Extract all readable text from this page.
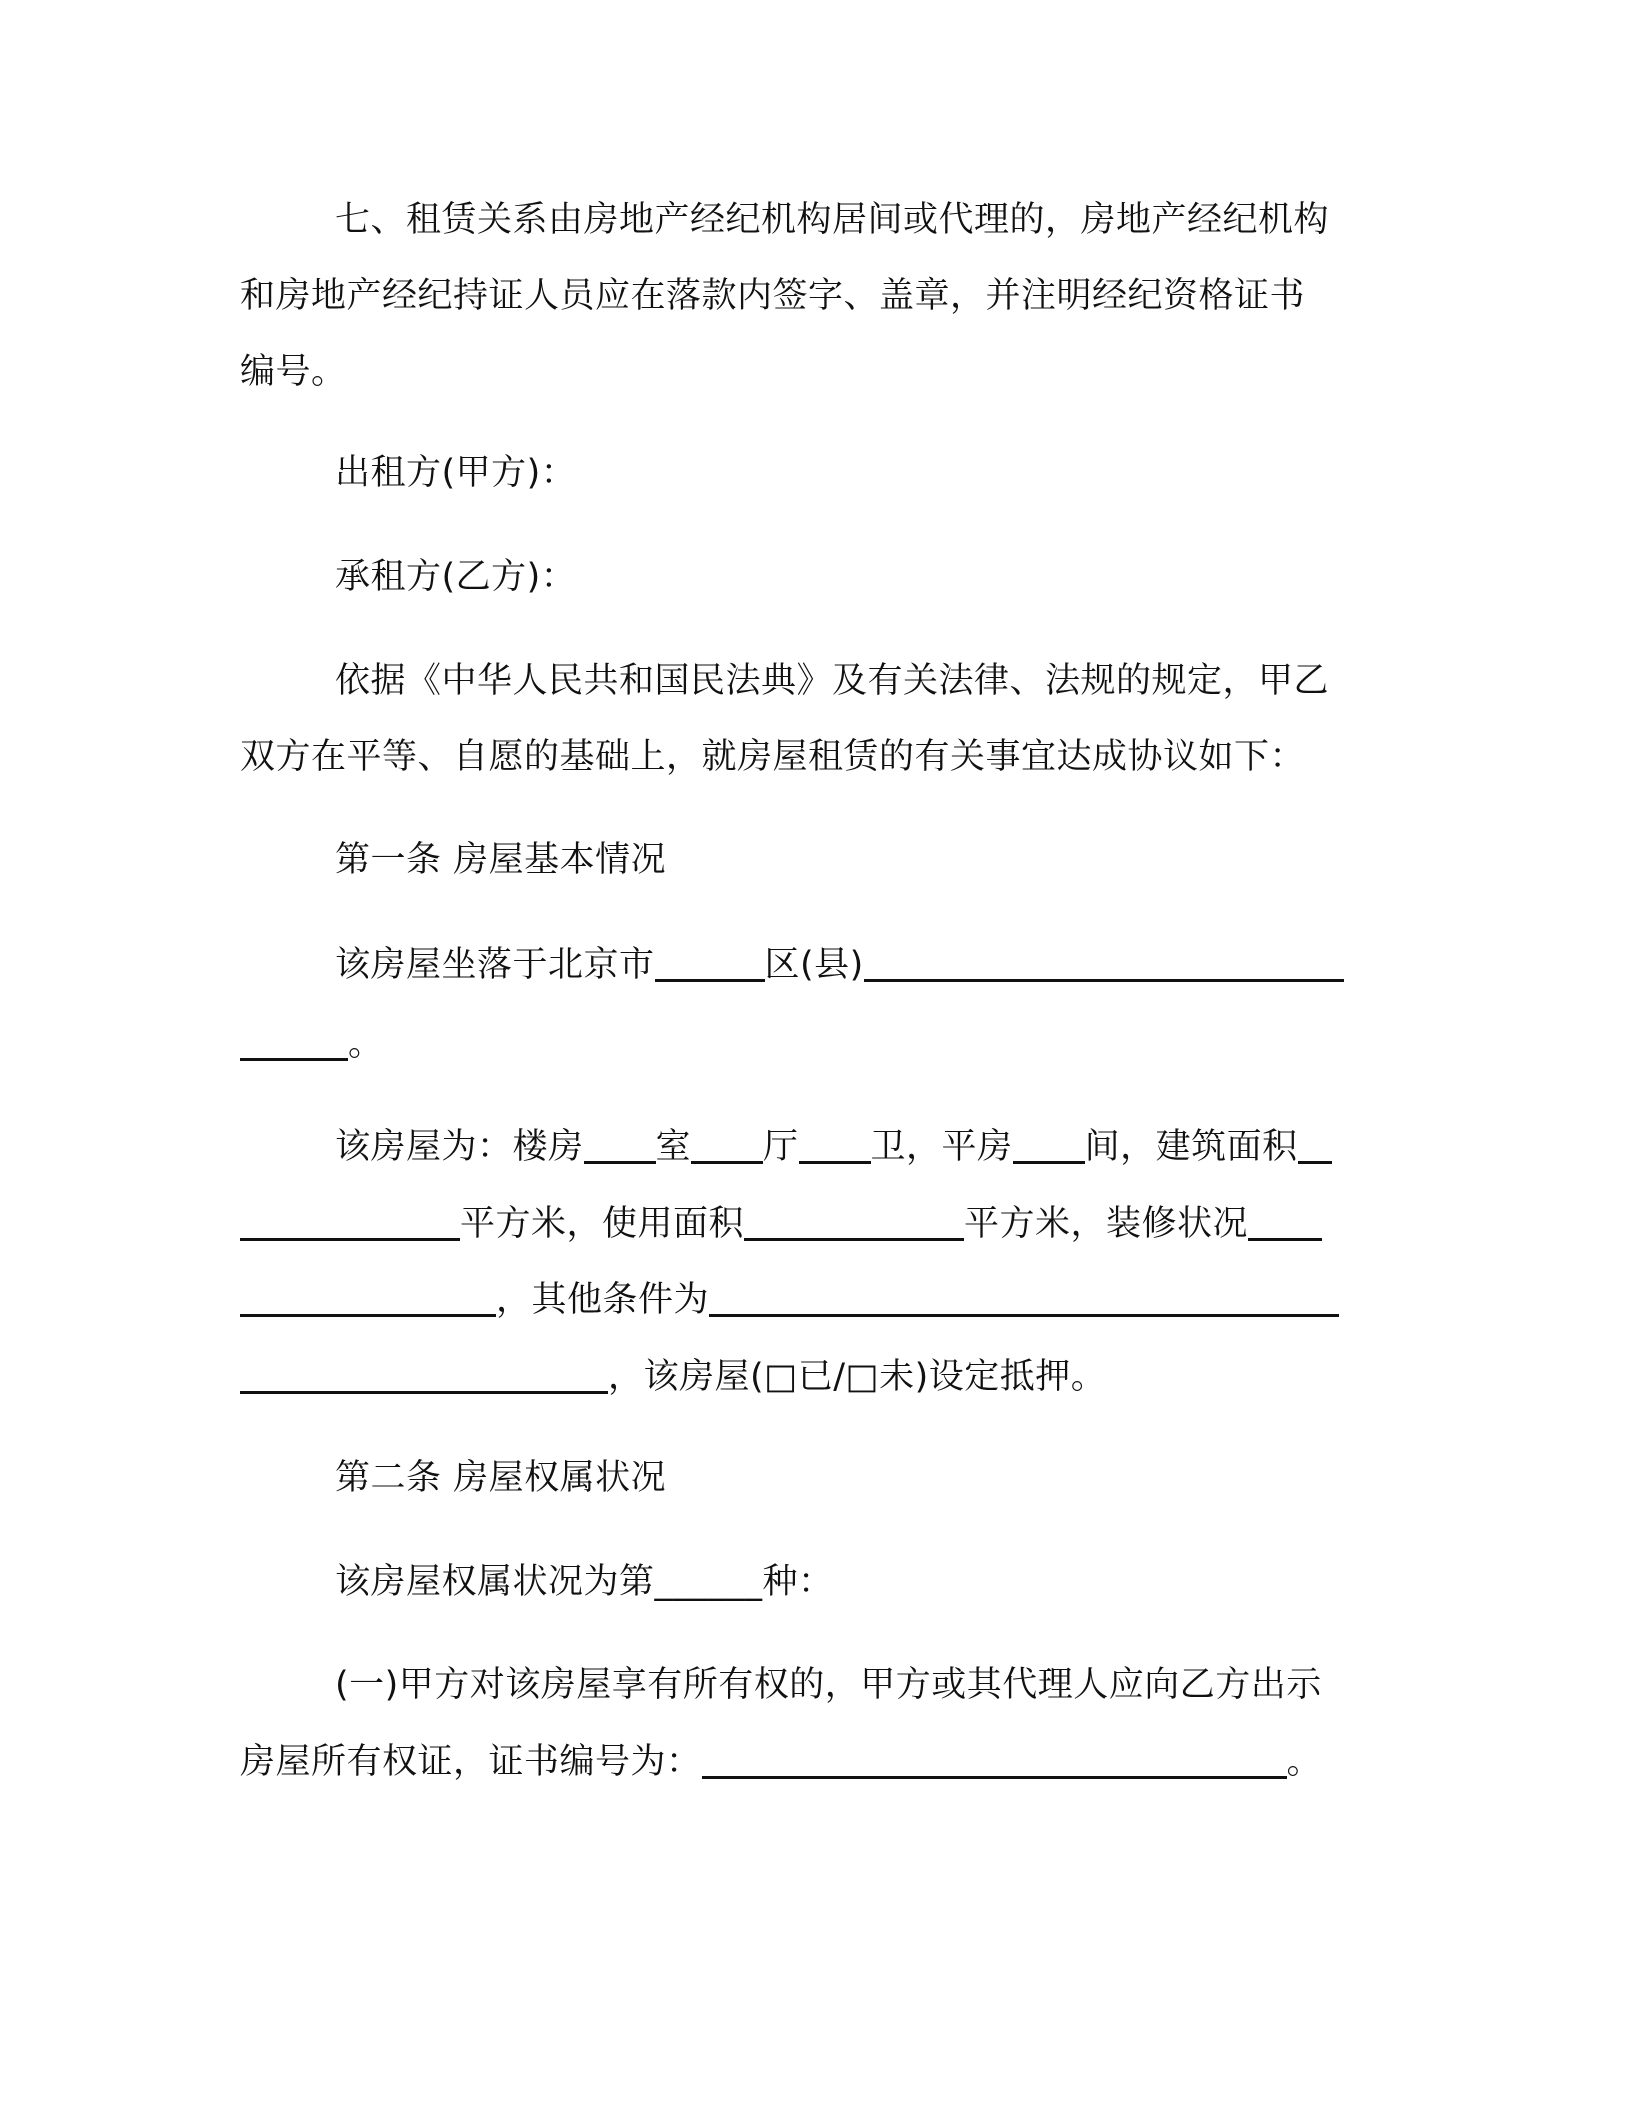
七、租赁关系由房地产经纪机构居间或代理的，房地产经纪机构
和房地产经纪持证人员应在落款内签字、盖章，并注明经纪资格证书
编号。
出租方(甲方)：
承租方(乙方)：
依据《中华人民共和国民法典》及有关法律、法规的规定，甲乙
双方在平等、自愿的基础上，就房屋租赁的有关事宜达成协议如下：
第一条 房屋基本情况
该房屋坐落于北京市	区(县)
。
该房屋为：楼房 室 厅 卫，平房 间，建筑面积
平方米，使用面积	平方米，装修状况
，其他条件为
，该房屋(□已/□未)设定抵押。
第二条 房屋权属状况
该房屋权属状况为第______种：
(一)甲方对该房屋享有所有权的，甲方或其代理人应向乙方出示
房屋所有权证，证书编号为：	。
